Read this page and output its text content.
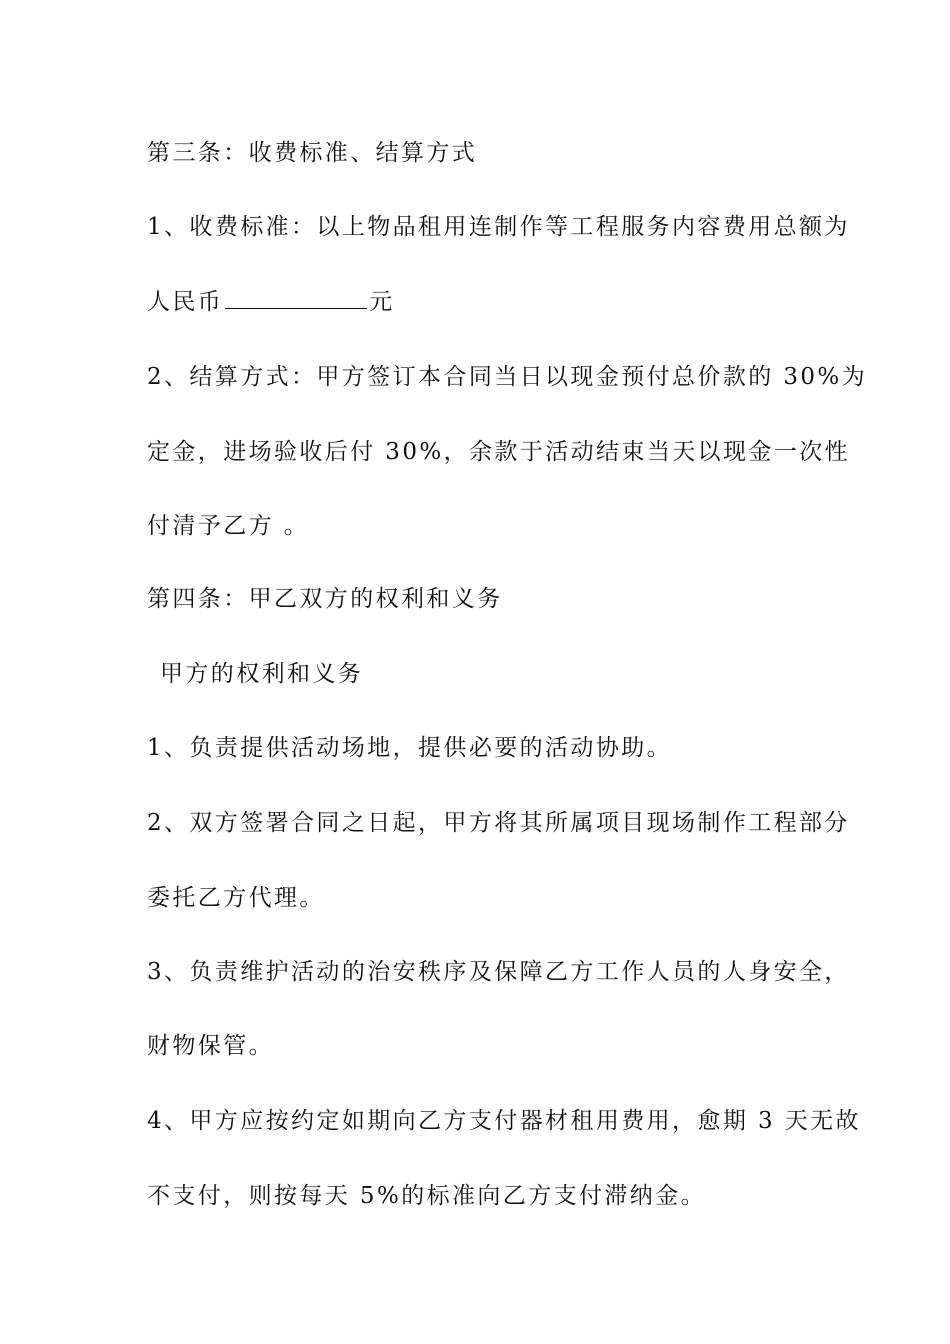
第三条：收费标准、结算方式
1、收费标准：以上物品租用连制作等工程服务内容费用总额为
人民币	元
2、结算方式：甲方签订本合同当日以现金预付总价款的 30%为
定金，进场验收后付 30%，余款于活动结束当天以现金一次性
付清予乙方 。
第四条：甲乙双方的权利和义务
甲方的权利和义务
1、负责提供活动场地，提供必要的活动协助。
2、双方签署合同之日起，甲方将其所属项目现场制作工程部分
委托乙方代理。
3、负责维护活动的治安秩序及保障乙方工作人员的人身安全，
财物保管。
4、甲方应按约定如期向乙方支付器材租用费用，愈期 3 天无故
不支付，则按每天 5%的标准向乙方支付滞纳金。
